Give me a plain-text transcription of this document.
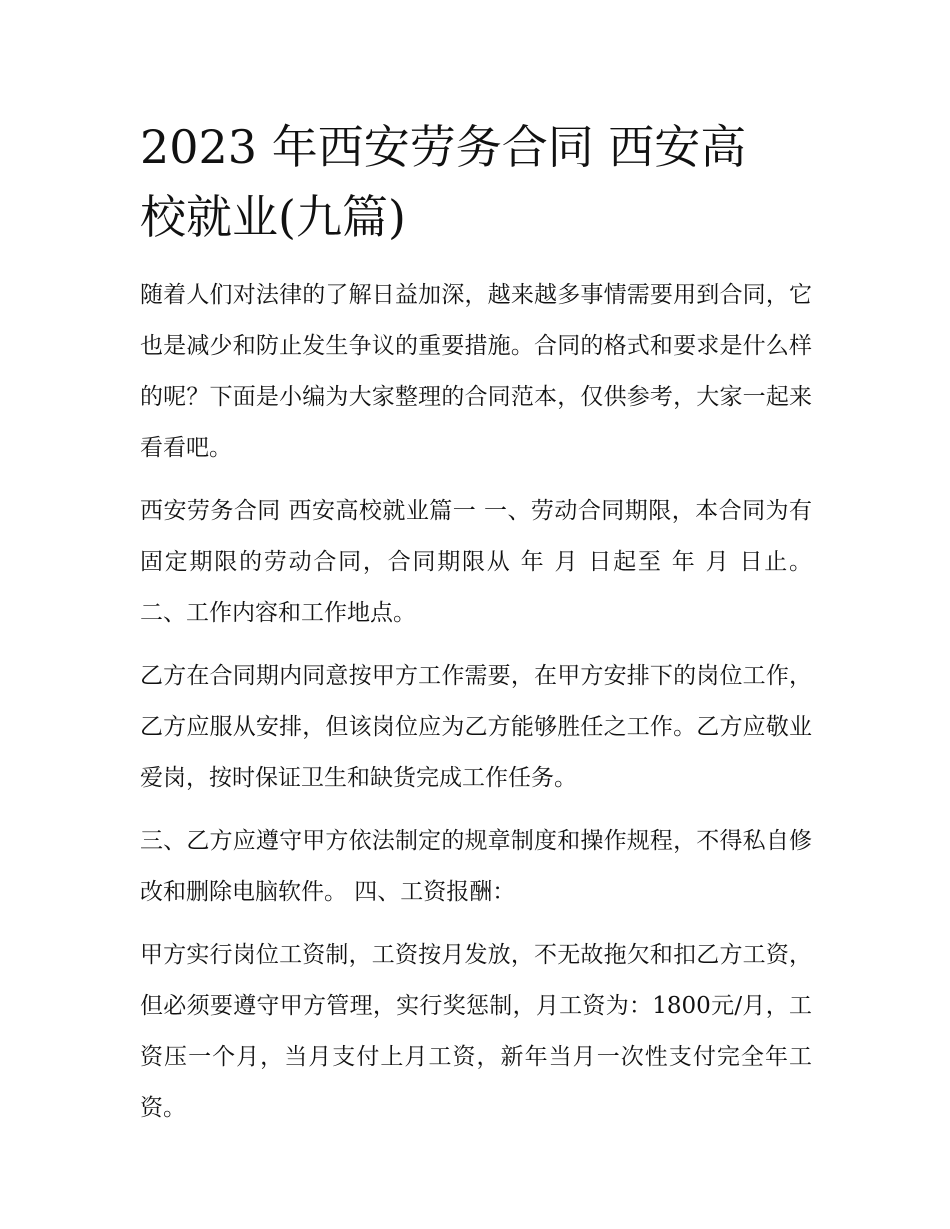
2023 年西安劳务合同 西安高
校就业(九篇)

随着人们对法律的了解日益加深，越来越多事情需要用到合同，它也是减少和防止发生争议的重要措施。合同的格式和要求是什么样的呢？下面是小编为大家整理的合同范本，仅供参考，大家一起来看看吧。

西安劳务合同 西安高校就业篇一 一、劳动合同期限，本合同为有固定期限的劳动合同，合同期限从 年 月 日起至 年 月 日止。 二、工作内容和工作地点。

乙方在合同期内同意按甲方工作需要，在甲方安排下的岗位工作，乙方应服从安排，但该岗位应为乙方能够胜任之工作。乙方应敬业爱岗，按时保证卫生和缺货完成工作任务。

三、乙方应遵守甲方依法制定的规章制度和操作规程，不得私自修改和删除电脑软件。 四、工资报酬：

甲方实行岗位工资制，工资按月发放，不无故拖欠和扣乙方工资，但必须要遵守甲方管理，实行奖惩制，月工资为：1800元/月，工资压一个月，当月支付上月工资，新年当月一次性支付完全年工资。
